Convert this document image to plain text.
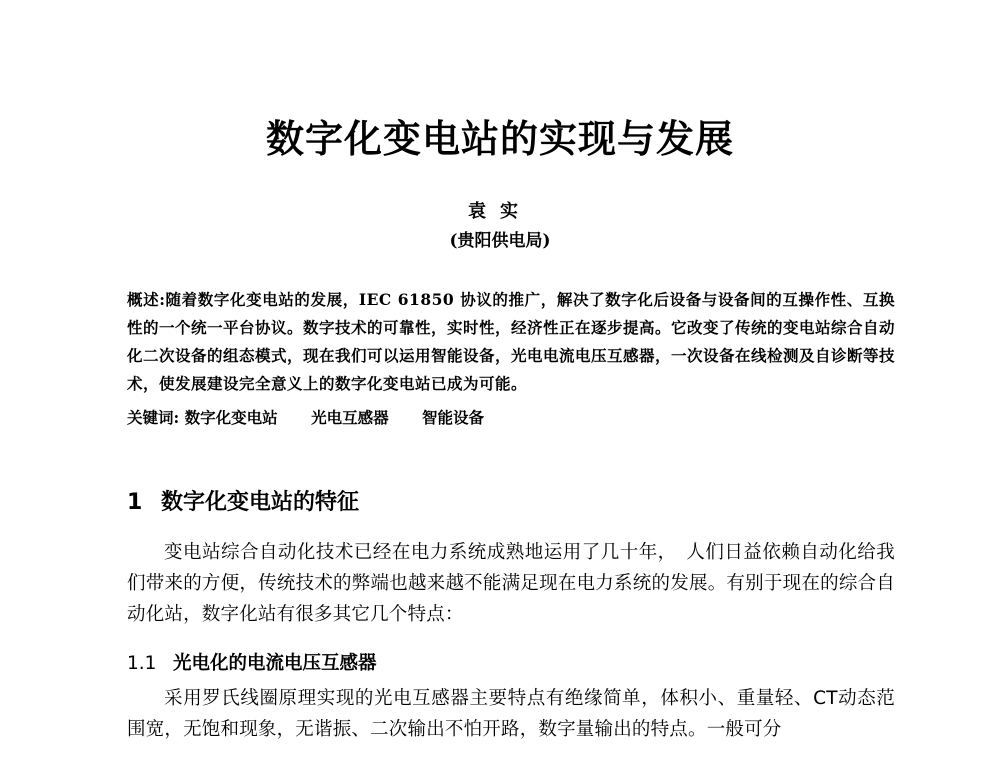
数字化变电站的实现与发展
袁实
(贵阳供电局)
概述:随着数字化变电站的发展，IEC 61850 协议的推广，解决了数字化后设备与设备间的互操作性、互换性的一个统一平台协议。数字技术的可靠性，实时性，经济性正在逐步提高。它改变了传统的变电站综合自动化二次设备的组态模式，现在我们可以运用智能设备，光电电流电压互感器，一次设备在线检测及自诊断等技术，使发展建设完全意义上的数字化变电站已成为可能。
关键词: 数字化变电站 光电互感器 智能设备
1 数字化变电站的特征
变电站综合自动化技术已经在电力系统成熟地运用了几十年，　人们日益依赖自动化给我们带来的方便，传统技术的弊端也越来越不能满足现在电力系统的发展。有别于现在的综合自动化站，数字化站有很多其它几个特点：
1.1 光电化的电流电压互感器
采用罗氏线圈原理实现的光电互感器主要特点有绝缘简单，体积小、重量轻、CT动态范围宽，无饱和现象，无谐振、二次输出不怕开路，数字量输出的特点。一般可分
